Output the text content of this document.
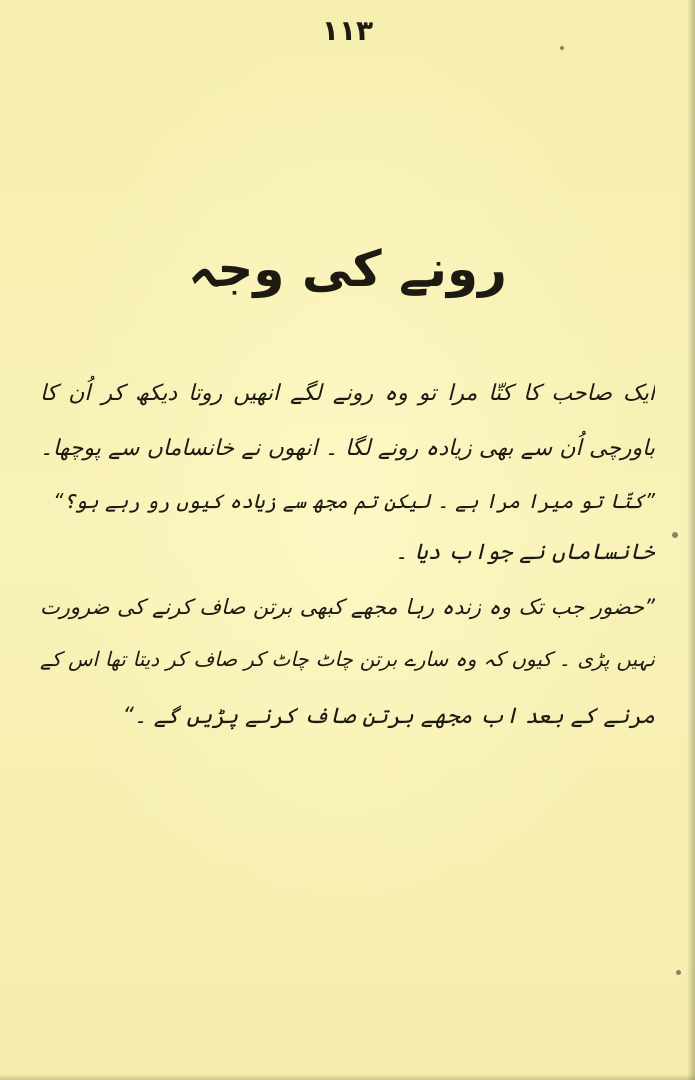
۱۱۳
رونے کی وجہ
ایک صاحب کا کتّا مرا تو وہ رونے لگے انھیں روتا دیکھ کر اُن کا
باورچی اُن سے بھی زیادہ رونے لگا ۔ انھوں نے خانساماں سے پوچھا۔
”کتّا تو میرا مرا ہے ۔ لیکن تم مجھ سے زیادہ کیوں رو رہے ہو؟“
خانساماں نے جواب دیا ۔
”حضور جب تک وہ زندہ رہا مجھے کبھی برتن صاف کرنے کی ضرورت
نہیں پڑی ۔ کیوں کہ وہ سارے برتن چاٹ چاٹ کر صاف کر دیتا تھا اس کے
مرنے کے بعد اب مجھے برتن صاف کرنے پڑیں گے ۔“
